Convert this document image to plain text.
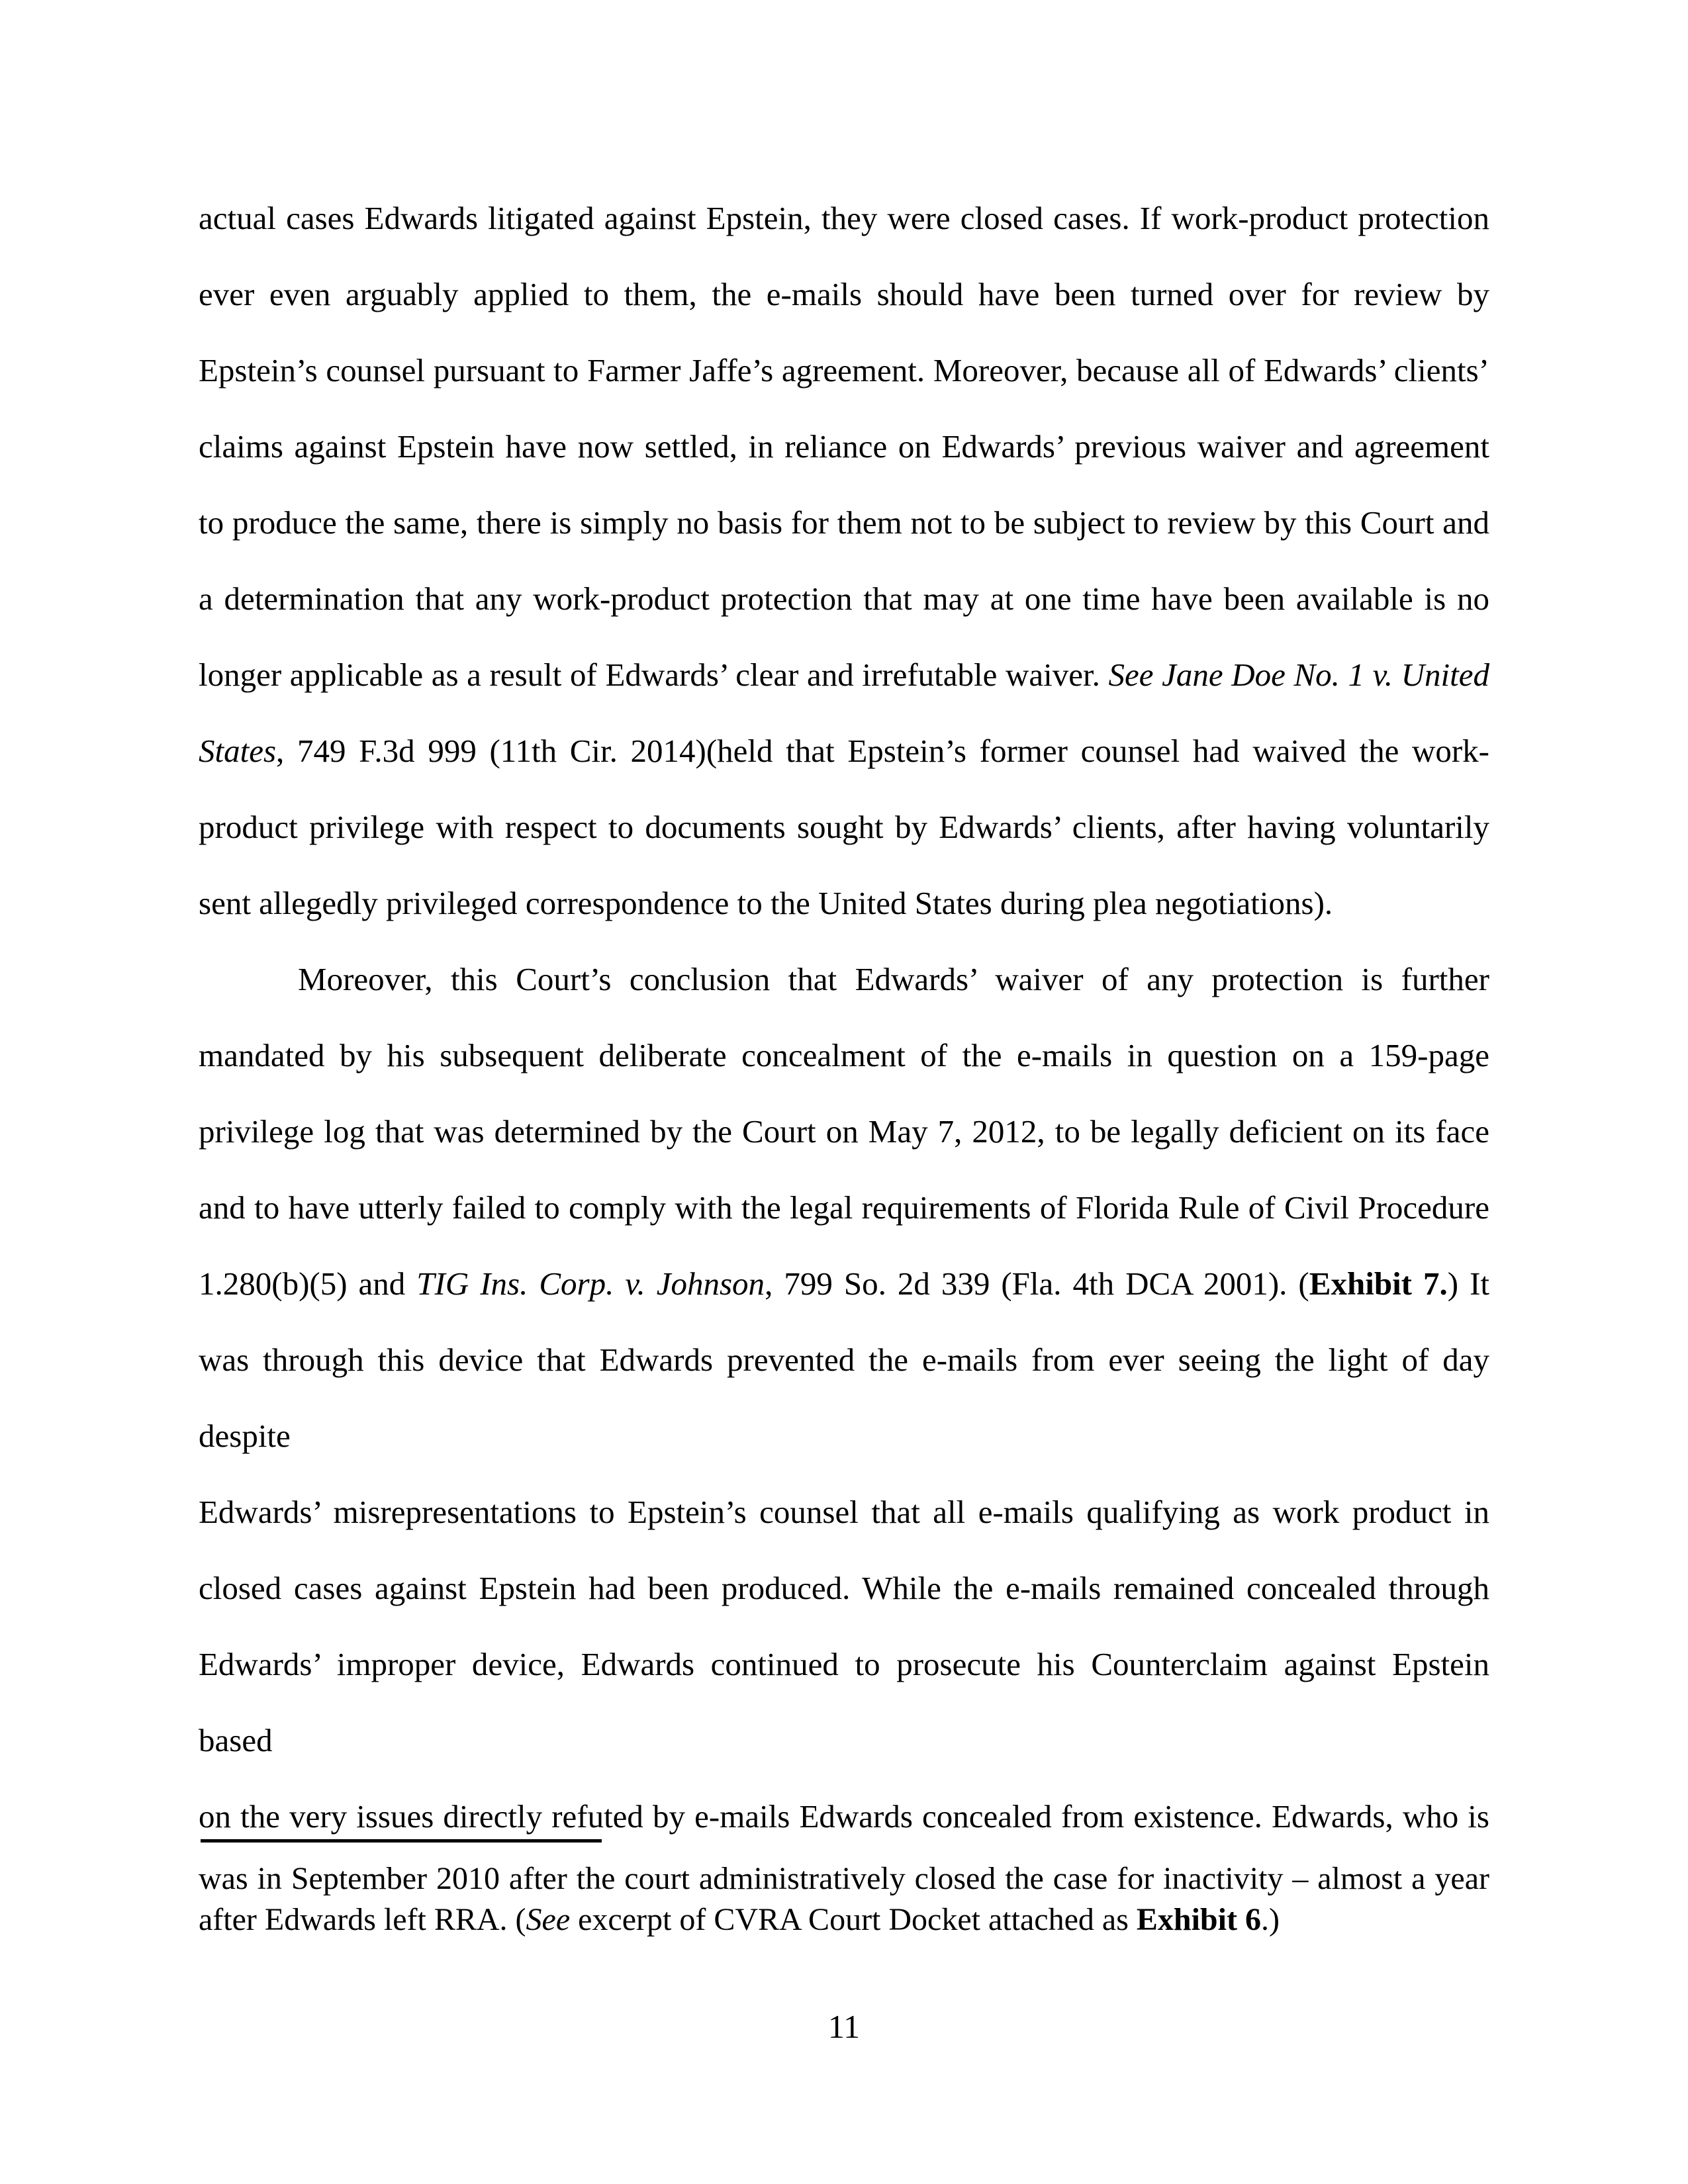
actual cases Edwards litigated against Epstein, they were closed cases. If work-product protection
ever even arguably applied to them, the e-mails should have been turned over for review by
Epstein’s counsel pursuant to Farmer Jaffe’s agreement. Moreover, because all of Edwards’ clients’
claims against Epstein have now settled, in reliance on Edwards’ previous waiver and agreement
to produce the same, there is simply no basis for them not to be subject to review by this Court and
a determination that any work-product protection that may at one time have been available is no
longer applicable as a result of Edwards’ clear and irrefutable waiver. See Jane Doe No. 1 v. United
States, 749 F.3d 999 (11th Cir. 2014)(held that Epstein’s former counsel had waived the work-
product privilege with respect to documents sought by Edwards’ clients, after having voluntarily
sent allegedly privileged correspondence to the United States during plea negotiations).
Moreover, this Court’s conclusion that Edwards’ waiver of any protection is further
mandated by his subsequent deliberate concealment of the e-mails in question on a 159-page
privilege log that was determined by the Court on May 7, 2012, to be legally deficient on its face
and to have utterly failed to comply with the legal requirements of Florida Rule of Civil Procedure
1.280(b)(5) and TIG Ins. Corp. v. Johnson, 799 So. 2d 339 (Fla. 4th DCA 2001). (Exhibit 7.) It
was through this device that Edwards prevented the e-mails from ever seeing the light of day despite
Edwards’ misrepresentations to Epstein’s counsel that all e-mails qualifying as work product in
closed cases against Epstein had been produced. While the e-mails remained concealed through
Edwards’ improper device, Edwards continued to prosecute his Counterclaim against Epstein based
on the very issues directly refuted by e-mails Edwards concealed from existence. Edwards, who is
was in September 2010 after the court administratively closed the case for inactivity – almost a year
after Edwards left RRA. (See excerpt of CVRA Court Docket attached as Exhibit 6.)
11
